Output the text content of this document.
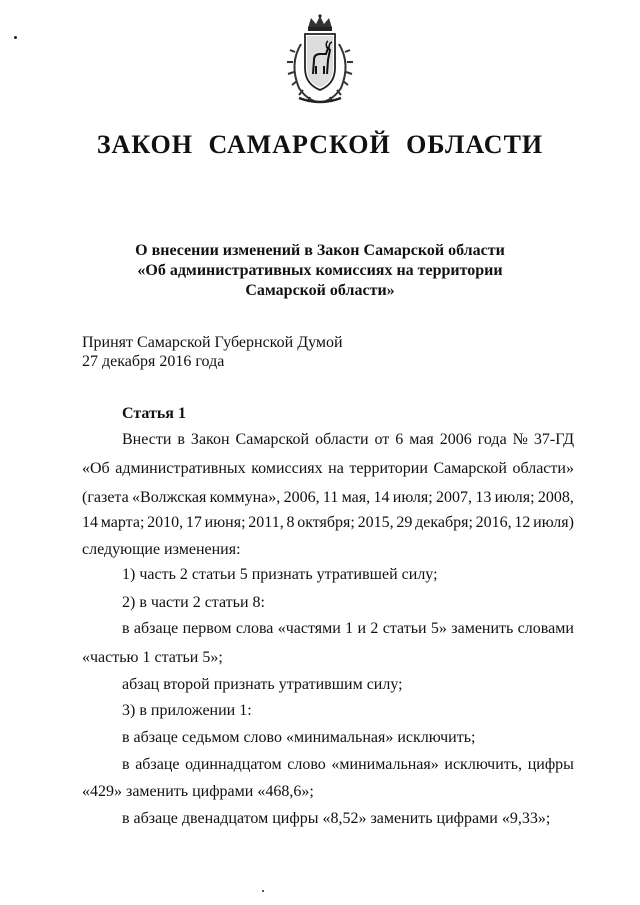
ЗАКОН САМАРСКОЙ ОБЛАСТИ
О внесении изменений в Закон Самарской области
«Об административных комиссиях на территории
Самарской области»
Принят Самарской Губернской Думой
27 декабря 2016 года
Статья 1
Внести в Закон Самарской области от 6 мая 2006 года № 37-ГД
«Об административных комиссиях на территории Самарской области»
(газета «Волжская коммуна», 2006, 11 мая, 14 июля; 2007, 13 июля; 2008,
14 марта; 2010, 17 июня; 2011, 8 октября; 2015, 29 декабря; 2016, 12 июля)
следующие изменения:
1) часть 2 статьи 5 признать утратившей силу;
2) в части 2 статьи 8:
в абзаце первом слова «частями 1 и 2 статьи 5» заменить словами
«частью 1 статьи 5»;
абзац второй признать утратившим силу;
3) в приложении 1:
в абзаце седьмом слово «минимальная» исключить;
в абзаце одиннадцатом слово «минимальная» исключить, цифры
«429» заменить цифрами «468,6»;
в абзаце двенадцатом цифры «8,52» заменить цифрами «9,33»;
